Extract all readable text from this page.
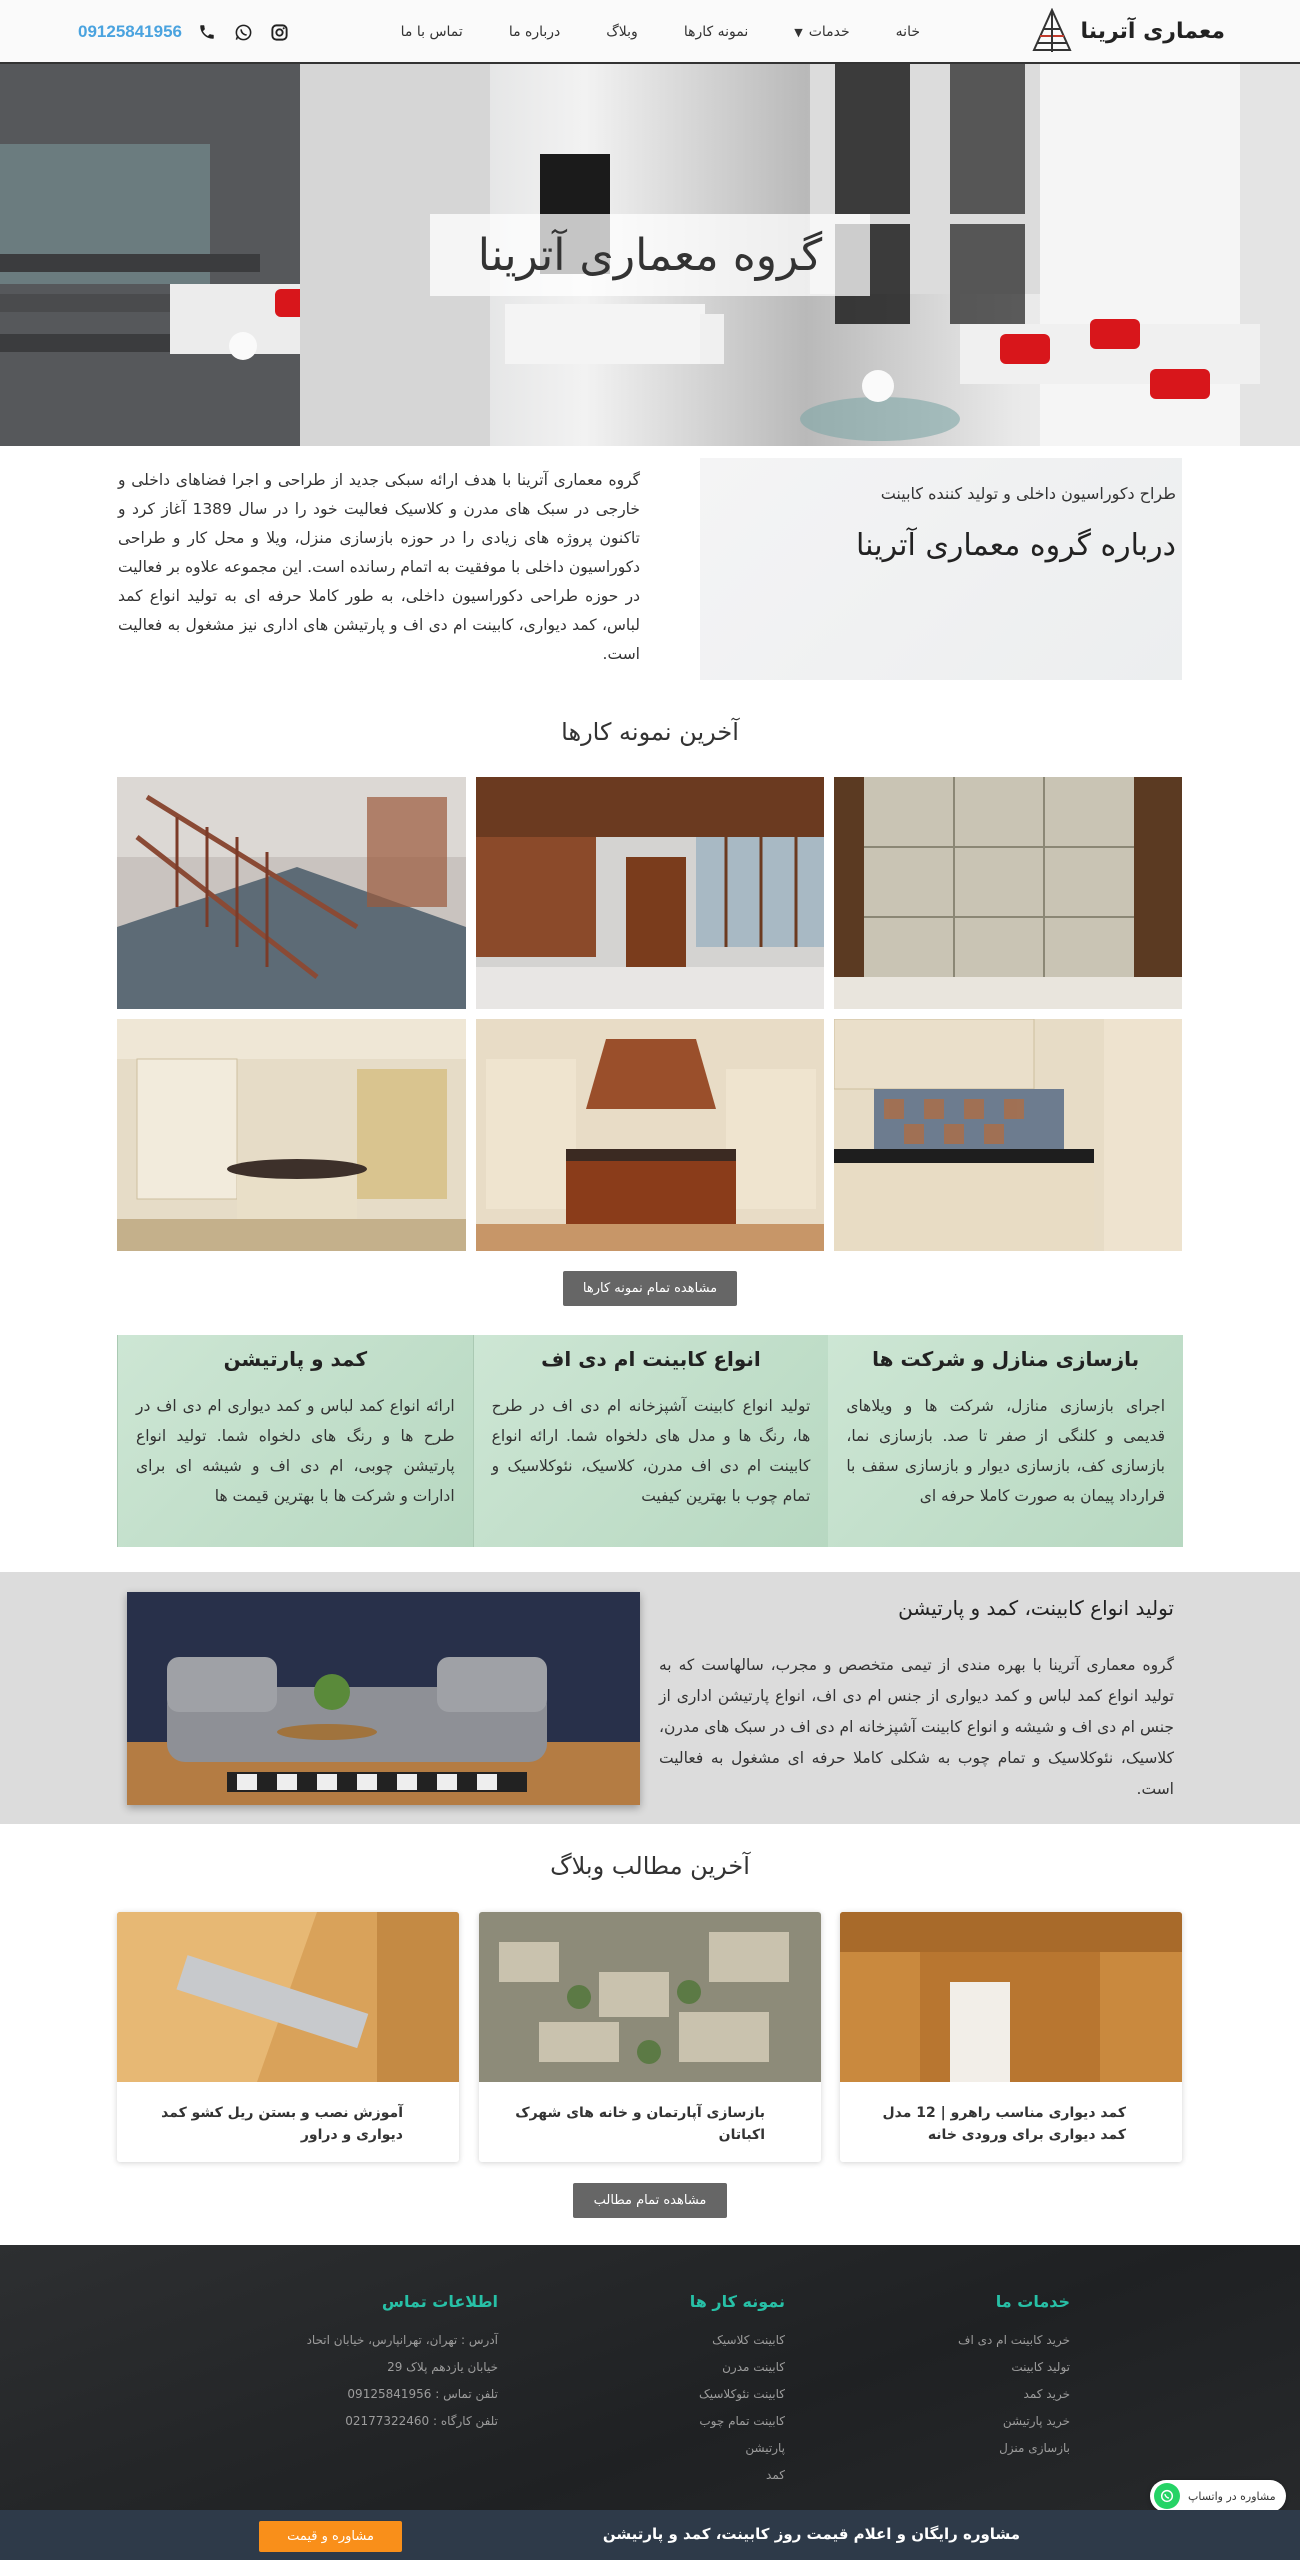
معماری آترینا
خانه
خدمات
▼
نمونه کارها
وبلاگ
درباره ما
تماس با ما
09125841956
گروه معماری آترینا
طراح دکوراسیون داخلی و تولید کننده کابینت
درباره گروه معماری آترینا
گروه معماری آترینا با هدف ارائه سبکی جدید از طراحی و اجرا فضاهای داخلی و خارجی در سبک های مدرن و کلاسیک فعالیت خود را در سال 1389 آغاز کرد و تاکنون پروژه های زیادی را در حوزه بازسازی منزل، ویلا و محل کار و طراحی دکوراسیون داخلی با موفقیت به اتمام رسانده است. این مجموعه علاوه بر فعالیت در حوزه طراحی دکوراسیون داخلی، به طور کاملا حرفه ای به تولید انواع کمد لباس، کمد دیواری، کابینت ام دی اف و پارتیشن های اداری نیز مشغول به فعالیت است.
آخرین نمونه کارها
مشاهده تمام نمونه کارها
بازسازی منازل و شرکت ها

اجرای بازسازی منازل، شرکت ها و ویلاهای قدیمی و کلنگی از صفر تا صد. بازسازی نما، بازسازی کف، بازسازی دیوار و بازسازی سقف با قرارداد پیمان به صورت کاملا حرفه ای

انواع کابینت ام دی اف

تولید انواع کابینت آشپزخانه ام دی اف در طرح ها، رنگ ها و مدل های دلخواه شما. ارائه انواع کابینت ام دی اف مدرن، کلاسیک، نئوکلاسیک و تمام چوب با بهترین کیفیت

کمد و پارتیشن

ارائه انواع کمد لباس و کمد دیواری ام دی اف در طرح ها و رنگ های دلخواه شما. تولید انواع پارتیشن چوبی، ام دی اف و شیشه ای برای ادارات و شرکت ها با بهترین قیمت ها

تولید انواع کابینت، کمد و پارتیشن
گروه معماری آترینا با بهره مندی از تیمی متخصص و مجرب، سالهاست که به تولید انواع کمد لباس و کمد دیواری از جنس ام دی اف، انواع پارتیشن اداری از جنس ام دی اف و شیشه و انواع کابینت آشپزخانه ام دی اف در سبک های مدرن، کلاسیک، نئوکلاسیک و تمام چوب به شکلی کاملا حرفه ای مشغول به فعالیت است.
آخرین مطالب وبلاگ
کمد دیواری مناسب راهرو | 12 مدل کمد دیواری برای ورودی خانه
بازسازی آپارتمان و خانه های شهرک اکباتان
آموزش نصب و بستن ریل کشو کمد دیواری و دراور
مشاهده تمام مطالب
خدمات ما
خرید کابینت ام دی اف
تولید کابینت
خرید کمد
خرید پارتیشن
بازسازی منزل
نمونه کار ها
کابینت کلاسیک
کابینت مدرن
کابینت نئوکلاسیک
کابینت تمام چوب
پارتیشن
کمد
اطلاعات تماس
آدرس : تهران، تهرانپارس، خیابان اتحاد
خیابان یازدهم پلاک 29
تلفن تماس : 09125841956
تلفن کارگاه : 02177322460
مشاوره در واتساپ
مشاوره رایگان و اعلام قیمت روز کابینت، کمد و پارتیشن
مشاوره و قیمت
